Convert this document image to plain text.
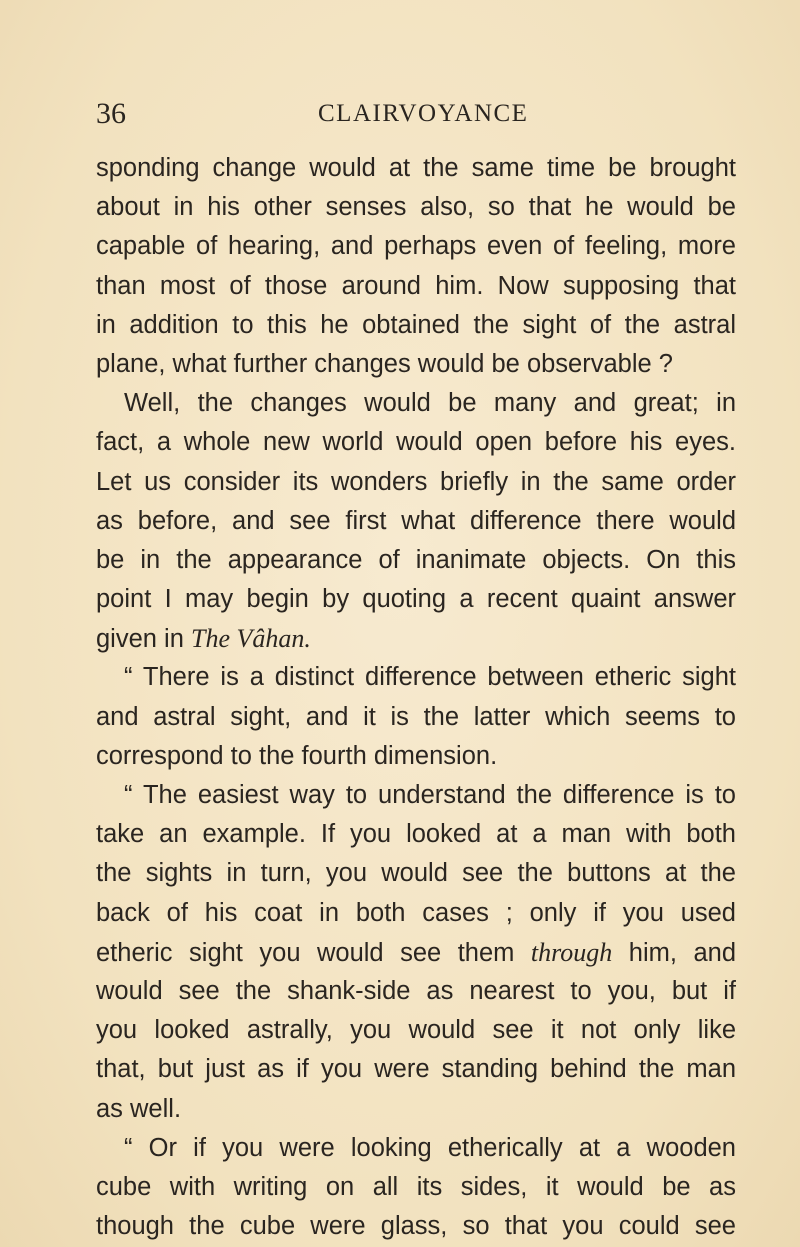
36	CLAIRVOYANCE
sponding change would at the same time be brought
about in his other senses also, so that he would be
capable of hearing, and perhaps even of feeling, more
than most of those around him. Now supposing that
in addition to this he obtained the sight of the astral
plane, what further changes would be observable ?
Well, the changes would be many and great; in
fact, a whole new world would open before his eyes.
Let us consider its wonders briefly in the same order
as before, and see first what difference there would
be in the appearance of inanimate objects. On this
point I may begin by quoting a recent quaint answer
given in The Vâhan.
“ There is a distinct difference between etheric sight
and astral sight, and it is the latter which seems to
correspond to the fourth dimension.
“ The easiest way to understand the difference is to
take an example. If you looked at a man with both
the sights in turn, you would see the buttons at the
back of his coat in both cases ; only if you used
etheric sight you would see them through him, and
would see the shank-side as nearest to you, but if
you looked astrally, you would see it not only like
that, but just as if you were standing behind the man
as well.
“ Or if you were looking etherically at a wooden
cube with writing on all its sides, it would be as
though the cube were glass, so that you could see
